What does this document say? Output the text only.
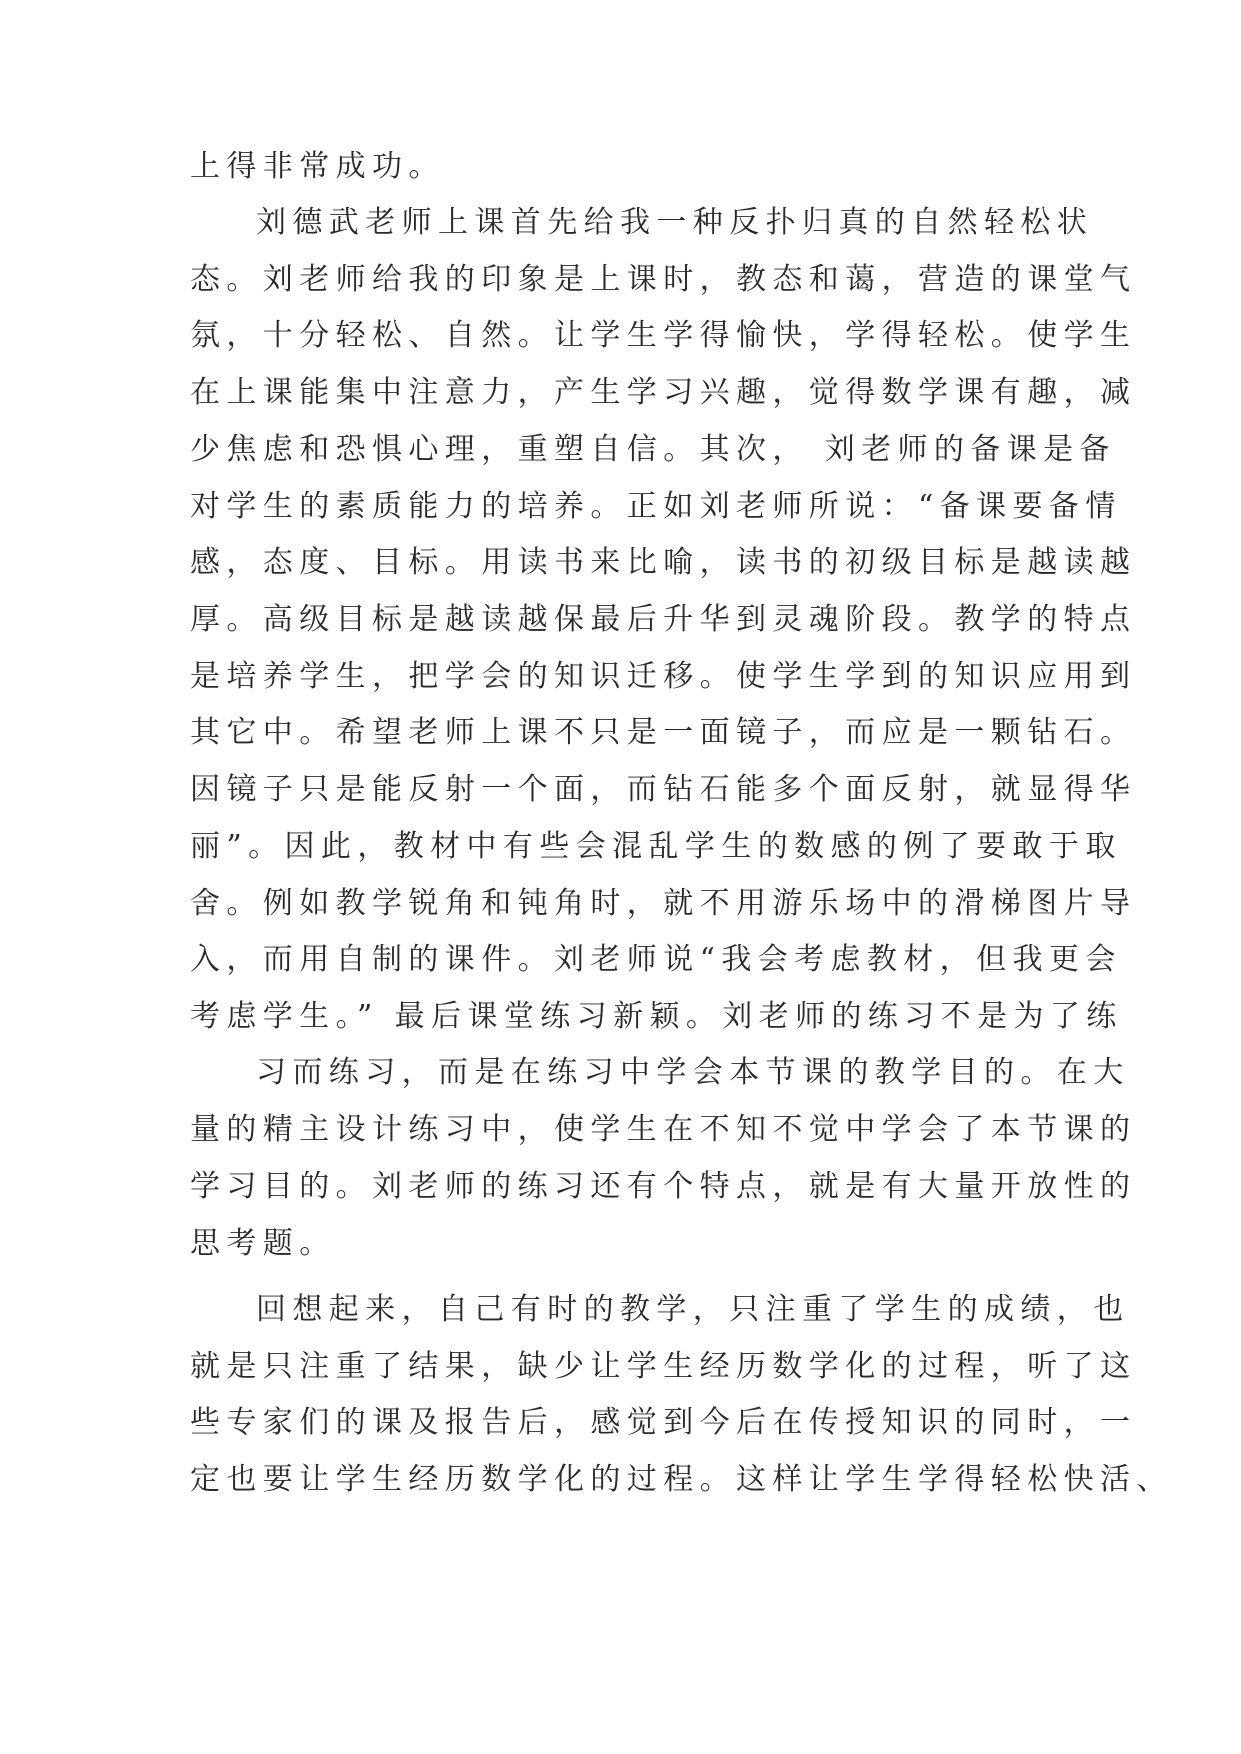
上得非常成功。
刘德武老师上课首先给我一种反扑归真的自然轻松状
态。刘老师给我的印象是上课时，教态和蔼，营造的课堂气
氛，十分轻松、自然。让学生学得愉快，学得轻松。使学生
在上课能集中注意力，产生学习兴趣，觉得数学课有趣，减
少焦虑和恐惧心理，重塑自信。其次， 刘老师的备课是备
对学生的素质能力的培养。正如刘老师所说：“备课要备情
感，态度、目标。用读书来比喻，读书的初级目标是越读越
厚。高级目标是越读越保最后升华到灵魂阶段。教学的特点
是培养学生，把学会的知识迁移。使学生学到的知识应用到
其它中。希望老师上课不只是一面镜子，而应是一颗钻石。
因镜子只是能反射一个面，而钻石能多个面反射，就显得华
丽”。因此，教材中有些会混乱学生的数感的例了要敢于取
舍。例如教学锐角和钝角时，就不用游乐场中的滑梯图片导
入，而用自制的课件。刘老师说“我会考虑教材，但我更会
考虑学生。” 最后课堂练习新颖。刘老师的练习不是为了练
习而练习，而是在练习中学会本节课的教学目的。在大
量的精主设计练习中，使学生在不知不觉中学会了本节课的
学习目的。刘老师的练习还有个特点，就是有大量开放性的
思考题。
回想起来，自己有时的教学，只注重了学生的成绩，也
就是只注重了结果，缺少让学生经历数学化的过程，听了这
些专家们的课及报告后，感觉到今后在传授知识的同时，一
定也要让学生经历数学化的过程。这样让学生学得轻松快活、
